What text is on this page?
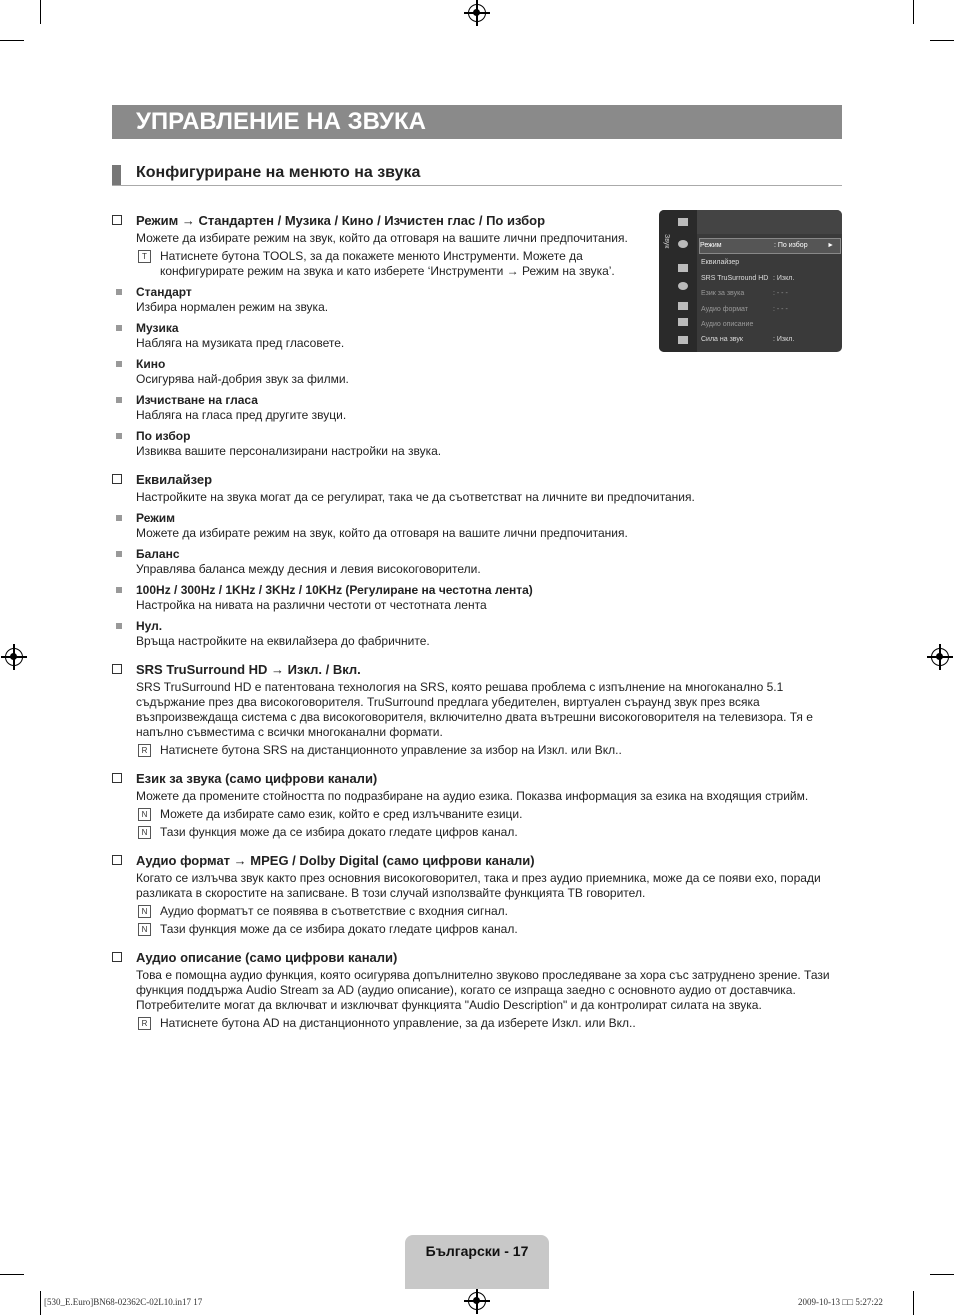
УПРАВЛЕНИЕ НА ЗВУКА
Конфигуриране на менюто на звука
Звук	Режим	: По избор	►
Еквилайзер
SRS TruSurround HD : Изкл.
Език за звука	: - - -
Аудио формат	: - - -
Аудио описание
Сила на звук	: Изкл.
Режим → Стандартен / Музика / Кино / Изчистен глас / По избор
Можете да избирате режим на звук, който да отговаря на вашите лични предпочитания.
T	Натиснете бутона TOOLS, за да покажете менюто Инструменти. Можете да конфигурирате режим на звука и като изберете ‘Инструменти → Режим на звука’.
Стандарт
Избира нормален режим на звука.
Музика
Набляга на музиката пред гласовете.
Кино
Осигурява най-добрия звук за филми.
Изчистване на гласа
Набляга на гласа пред другите звуци.
По избор
Извиква вашите персонализирани настройки на звука.
Еквилайзер
Настройките на звука могат да се регулират, така че да съответстват на личните ви предпочитания.
Режим
Можете да избирате режим на звук, който да отговаря на вашите лични предпочитания.
Баланс
Управлява баланса между десния и левия високоговорители.
100Hz / 300Hz / 1KHz / 3KHz / 10KHz (Регулиране на честотна лента)
Настройка на нивата на различни честоти от честотната лента
Нул.
Връща настройките на еквилайзера до фабричните.
SRS TruSurround HD → Изкл. / Вкл.
SRS TruSurround HD е патентована технология на SRS, която решава проблема с изпълнение на многоканално 5.1 съдържание през два високоговорителя. TruSurround предлага убедителен, виртуален съраунд звук през всяка възпроизвеждаща система с два високоговорителя, включително двата вътрешни високоговорителя на телевизора. Тя е напълно съвместима с всички многоканални формати.
R	Натиснете бутона SRS на дистанционното управление за избор на Изкл. или Вкл..
Език за звука (само цифрови канали)
Можете да промените стойността по подразбиране на аудио езика. Показва информация за езика на входящия стрийм.
N	Можете да избирате само език, който е сред излъчваните езици.
N	Тази функция може да се избира докато гледате цифров канал.
Аудио формат → MPEG / Dolby Digital (само цифрови канали)
Когато се излъчва звук както през основния високоговорител, така и през аудио приемника, може да се появи ехо, поради разликата в скоростите на записване. В този случай използвайте функцията ТВ говорител.
N	Аудио форматът се появява в съответствие с входния сигнал.
N	Тази функция може да се избира докато гледате цифров канал.
Аудио описание (само цифрови канали)
Това е помощна аудио функция, която осигурява допълнително звуково проследяване за хора със затруднено зрение. Тази функция поддържа Audio Stream за AD (аудио описание), когато се изпраща заедно с основното аудио от доставчика. Потребителите могат да включват и изключват функцията "Audio Description" и да контролират силата на звука.
R	Натиснете бутона AD на дистанционното управление, за да изберете Изкл. или Вкл..
Български - 17
[530_E.Euro]BN68-02362C-02L10.in17 17	2009-10-13 □□ 5:27:22
